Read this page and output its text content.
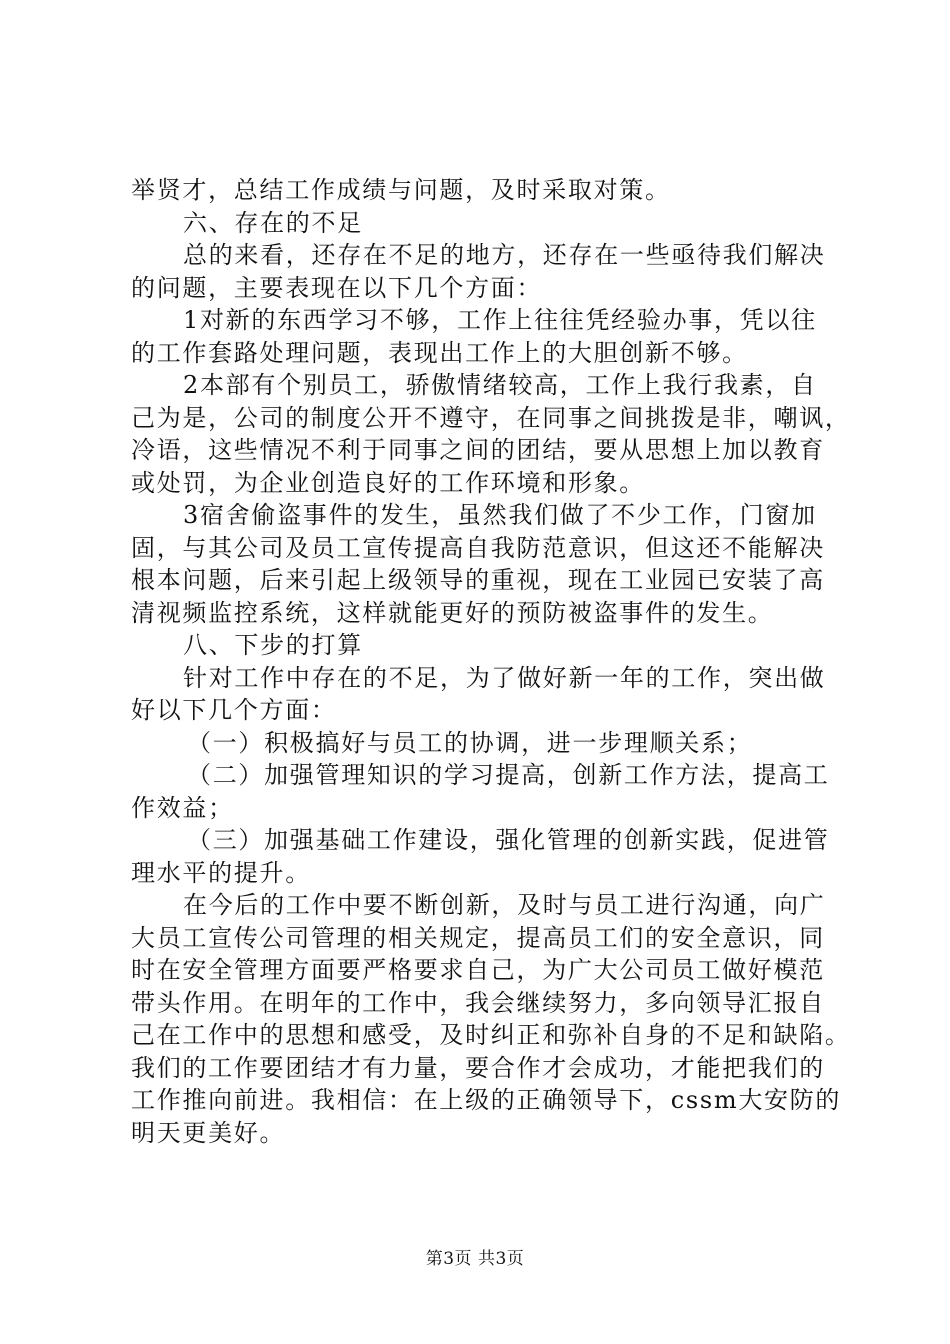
举贤才，总结工作成绩与问题，及时采取对策。
六、存在的不足
总的来看，还存在不足的地方，还存在一些亟待我们解决
的问题，主要表现在以下几个方面：
1对新的东西学习不够，工作上往往凭经验办事，凭以往
的工作套路处理问题，表现出工作上的大胆创新不够。
2本部有个别员工，骄傲情绪较高，工作上我行我素，自
己为是，公司的制度公开不遵守，在同事之间挑拨是非，嘲讽，
冷语，这些情况不利于同事之间的团结，要从思想上加以教育
或处罚，为企业创造良好的工作环境和形象。
3宿舍偷盗事件的发生，虽然我们做了不少工作，门窗加
固，与其公司及员工宣传提高自我防范意识，但这还不能解决
根本问题，后来引起上级领导的重视，现在工业园已安装了高
清视频监控系统，这样就能更好的预防被盗事件的发生。
八、下步的打算
针对工作中存在的不足，为了做好新一年的工作，突出做
好以下几个方面：
（一）积极搞好与员工的协调，进一步理顺关系；
（二）加强管理知识的学习提高，创新工作方法，提高工
作效益；
（三）加强基础工作建设，强化管理的创新实践，促进管
理水平的提升。
在今后的工作中要不断创新，及时与员工进行沟通，向广
大员工宣传公司管理的相关规定，提高员工们的安全意识，同
时在安全管理方面要严格要求自己，为广大公司员工做好模范
带头作用。在明年的工作中，我会继续努力，多向领导汇报自
己在工作中的思想和感受，及时纠正和弥补自身的不足和缺陷。
我们的工作要团结才有力量，要合作才会成功，才能把我们的
工作推向前进。我相信：在上级的正确领导下，cssm大安防的
明天更美好。
第3页 共3页
